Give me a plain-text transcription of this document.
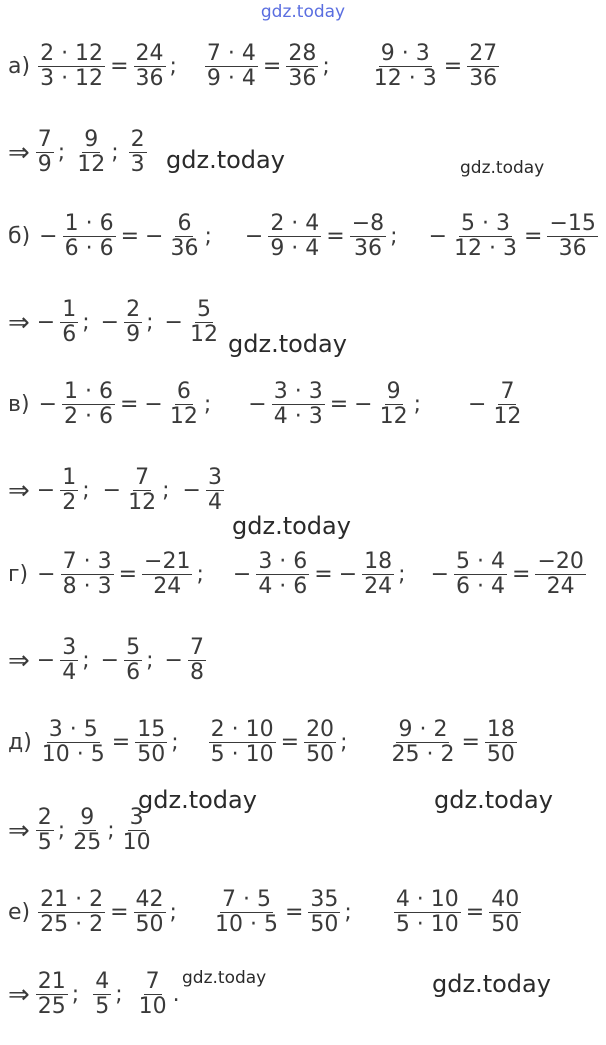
gdz.today
$а) \frac{2 \cdot 12}{3 \cdot 12} = \frac{24}{36}$ ; $\frac{7 \cdot 4}{9 \cdot 4} = \frac{28}{36}$ ; $\frac{9 \cdot 3}{12 \cdot 3} = \frac{27}{36}$
⇒ $\frac{7}{9}$ ; $\frac{9}{12}$ ; $\frac{2}{3}$
$б) - \frac{1 \cdot 6}{6 \cdot 6}$ = − $\frac{6}{36}$ ; − $\frac{2 \cdot 4}{9 \cdot 4} = \frac{-8}{36}$ ; − $\frac{5 \cdot 3}{12 \cdot 3} = \frac{-15}{36}$
⇒ − $\frac{1}{6}$ ; − $\frac{2}{9}$ ; − $\frac{5}{12}$
$в) - \frac{1 \cdot 6}{2 \cdot 6}$ = − $\frac{6}{12}$ ; − $\frac{3 \cdot 3}{4 \cdot 3}$ = − $\frac{9}{12}$ ; − $\frac{7}{12}$
⇒ − $\frac{1}{2}$ ; − $\frac{7}{12}$ ; − $\frac{3}{4}$
$г) - \frac{7 \cdot 3}{8 \cdot 3} = \frac{-21}{24}$ ; − $\frac{3 \cdot 6}{4 \cdot 6}$ = − $\frac{18}{24}$ ; − $\frac{5 \cdot 4}{6 \cdot 4} = \frac{-20}{24}$
⇒ − $\frac{3}{4}$ ; − $\frac{5}{6}$ ; − $\frac{7}{8}$
$д) \frac{3 \cdot 5}{10 \cdot 5} = \frac{15}{50}$ ; $\frac{2 \cdot 10}{5 \cdot 10} = \frac{20}{50}$ ; $\frac{9 \cdot 2}{25 \cdot 2} = \frac{18}{50}$
⇒ $\frac{2}{5}$ ; $\frac{9}{25}$ ; $\frac{3}{10}$
$е) \frac{21 \cdot 2}{25 \cdot 2} = \frac{42}{50}$ ; $\frac{7 \cdot 5}{10 \cdot 5} = \frac{35}{50}$ ; $\frac{4 \cdot 10}{5 \cdot 10} = \frac{40}{50}$
⇒ $\frac{21}{25}$ ; $\frac{4}{5}$ ; $\frac{7}{10}$ .
gdz.today	gdz.today
gdz.today
gdz.today
gdz.today	gdz.today
gdz.today	gdz.today
